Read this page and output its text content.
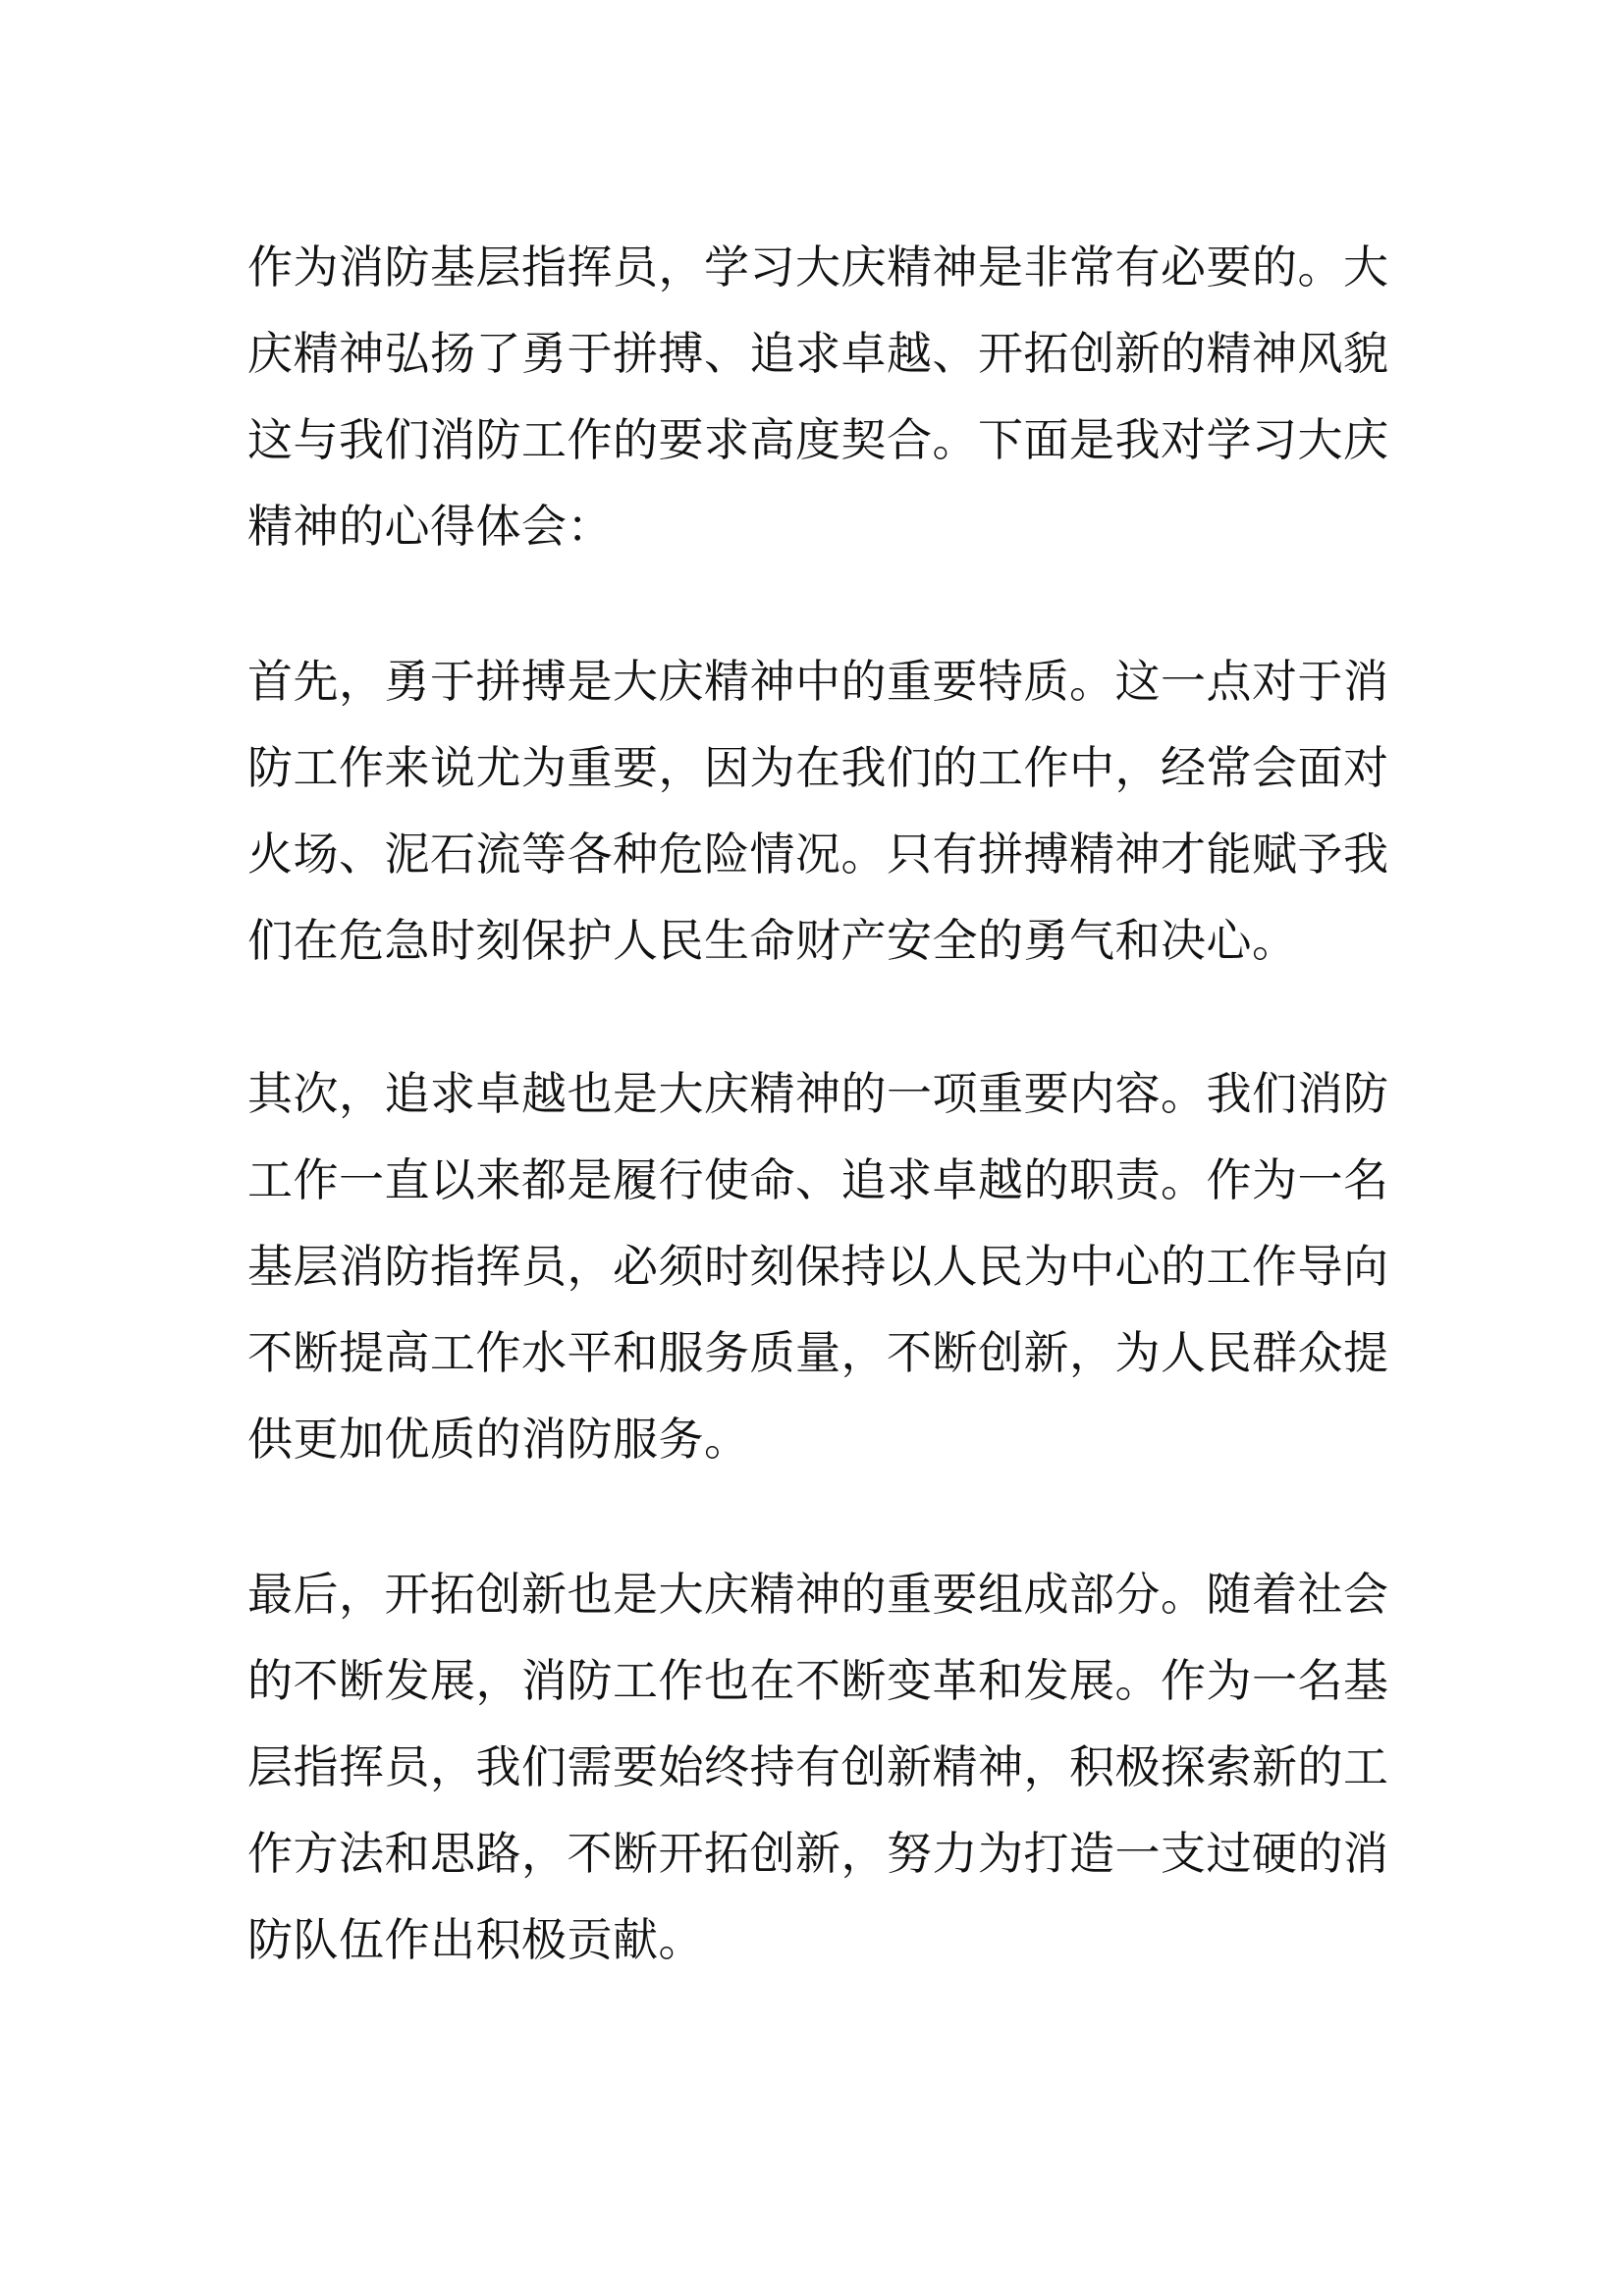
作为消防基层指挥员，学习大庆精神是非常有必要的。大
庆精神弘扬了勇于拼搏、追求卓越、开拓创新的精神风貌
这与我们消防工作的要求高度契合。下面是我对学习大庆
精神的心得体会：
首先，勇于拼搏是大庆精神中的重要特质。这一点对于消
防工作来说尤为重要，因为在我们的工作中，经常会面对
火场、泥石流等各种危险情况。只有拼搏精神才能赋予我
们在危急时刻保护人民生命财产安全的勇气和决心。
其次，追求卓越也是大庆精神的一项重要内容。我们消防
工作一直以来都是履行使命、追求卓越的职责。作为一名
基层消防指挥员，必须时刻保持以人民为中心的工作导向
不断提高工作水平和服务质量，不断创新，为人民群众提
供更加优质的消防服务。
最后，开拓创新也是大庆精神的重要组成部分。随着社会
的不断发展，消防工作也在不断变革和发展。作为一名基
层指挥员，我们需要始终持有创新精神，积极探索新的工
作方法和思路，不断开拓创新，努力为打造一支过硬的消
防队伍作出积极贡献。
